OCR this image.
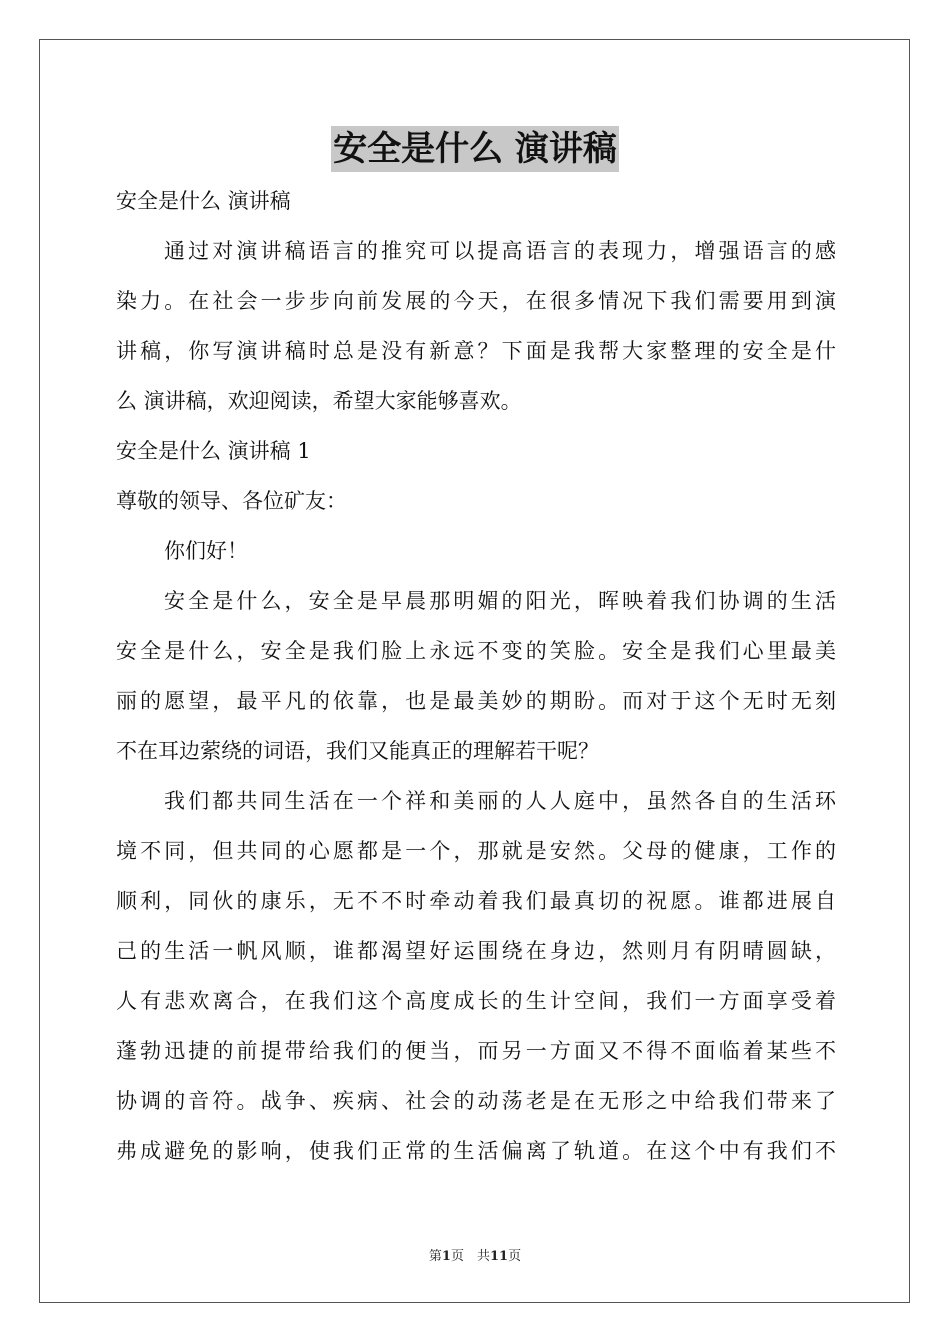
安全是什么 演讲稿

安全是什么 演讲稿

通过对演讲稿语言的推究可以提高语言的表现力，增强语言的感

染力。在社会一步步向前发展的今天，在很多情况下我们需要用到演

讲稿，你写演讲稿时总是没有新意？下面是我帮大家整理的安全是什

么 演讲稿，欢迎阅读，希望大家能够喜欢。

安全是什么 演讲稿 1

尊敬的领导、各位矿友：

你们好！

安全是什么，安全是早晨那明媚的阳光，晖映着我们协调的生活

安全是什么，安全是我们脸上永远不变的笑脸。安全是我们心里最美

丽的愿望，最平凡的依靠，也是最美妙的期盼。而对于这个无时无刻

不在耳边萦绕的词语，我们又能真正的理解若干呢？

我们都共同生活在一个祥和美丽的人人庭中，虽然各自的生活环

境不同，但共同的心愿都是一个，那就是安然。父母的健康，工作的

顺利，同伙的康乐，无不不时牵动着我们最真切的祝愿。谁都进展自

己的生活一帆风顺，谁都渴望好运围绕在身边，然则月有阴晴圆缺，

人有悲欢离合，在我们这个高度成长的生计空间，我们一方面享受着

蓬勃迅捷的前提带给我们的便当，而另一方面又不得不面临着某些不

协调的音符。战争、疾病、社会的动荡老是在无形之中给我们带来了

弗成避免的影响，使我们正常的生活偏离了轨道。在这个中有我们不

第1页　共11页
